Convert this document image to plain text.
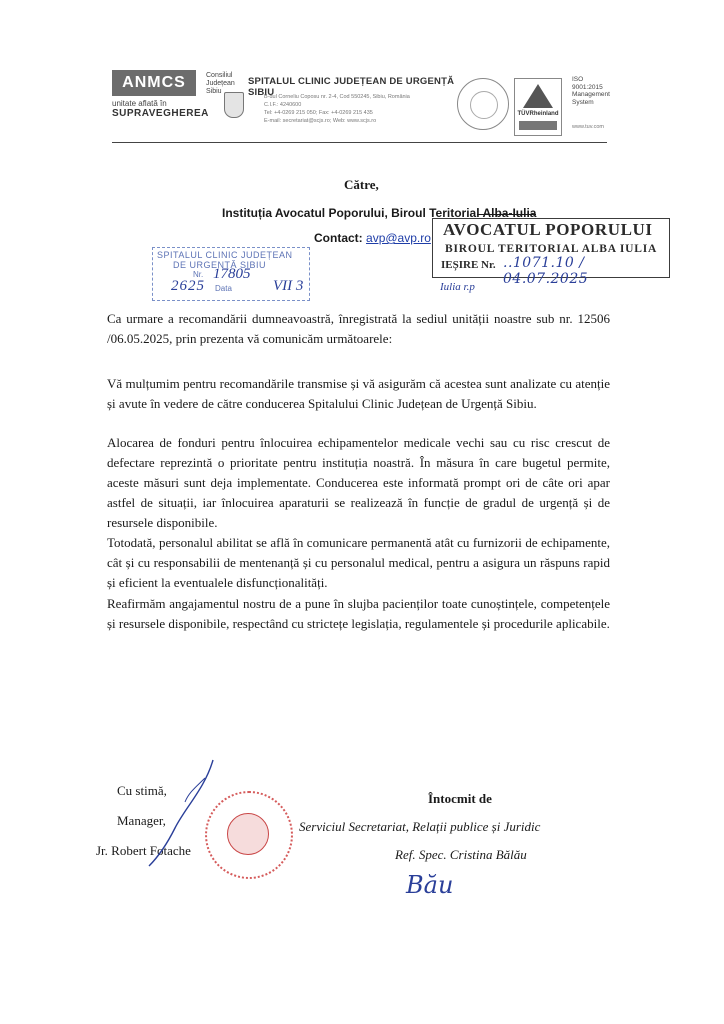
ANMCS
unitate aflată în
SUPRAVEGHEREA
Consiliul Județean Sibiu
SPITALUL CLINIC JUDEȚEAN DE URGENȚĂ SIBIU
B-dul Corneliu Coposu nr. 2-4, Cod 550245, Sibiu, România
C.I.F.: 4240600
Tel: +4-0269 215 050; Fax: +4-0269 215 435
E-mail: secretariat@scjs.ro; Web: www.scjs.ro
TÜVRheinland
ISO 9001:2015
Management
System
www.tuv.com
Către,
Instituția Avocatul Poporului, Biroul Teritorial Alba-Iulia
Contact: avp@avp.ro AVOCATUL POPORULUI
BIROUL TERITORIAL ALBA IULIA
IEȘIRE Nr. ..1071.10 / 04.07.2025
Iulia r.p
SPITALUL CLINIC JUDEȚEAN
DE URGENȚĂ SIBIU
Nr. 17805
2625 Data	VII 3
Ca urmare a recomandării dumneavoastră, înregistrată la sediul unității noastre sub nr. 12506 /06.05.2025, prin prezenta vă comunicăm următoarele:
Vă mulțumim pentru recomandările transmise și vă asigurăm că acestea sunt analizate cu atenție și avute în vedere de către conducerea Spitalului Clinic Județean de Urgență Sibiu.
Alocarea de fonduri pentru înlocuirea echipamentelor medicale vechi sau cu risc crescut de defectare reprezintă o prioritate pentru instituția noastră. În măsura în care bugetul permite, aceste măsuri sunt deja implementate. Conducerea este informată prompt ori de câte ori apar astfel de situații, iar înlocuirea aparaturii se realizează în funcție de gradul de urgență și de resursele disponibile.
Totodată, personalul abilitat se află în comunicare permanentă atât cu furnizorii de echipamente, cât și cu responsabilii de mentenanță și cu personalul medical, pentru a asigura un răspuns rapid și eficient la eventualele disfuncționalități.
Reafirmăm angajamentul nostru de a pune în slujba pacienților toate cunoștințele, competențele și resursele disponibile, respectând cu strictețe legislația, regulamentele și procedurile aplicabile.
Cu stimă,
Manager,
Jr. Robert Fotache
Întocmit de
Serviciul Secretariat, Relații publice și Juridic
Ref. Spec. Cristina Bălău
Bău
